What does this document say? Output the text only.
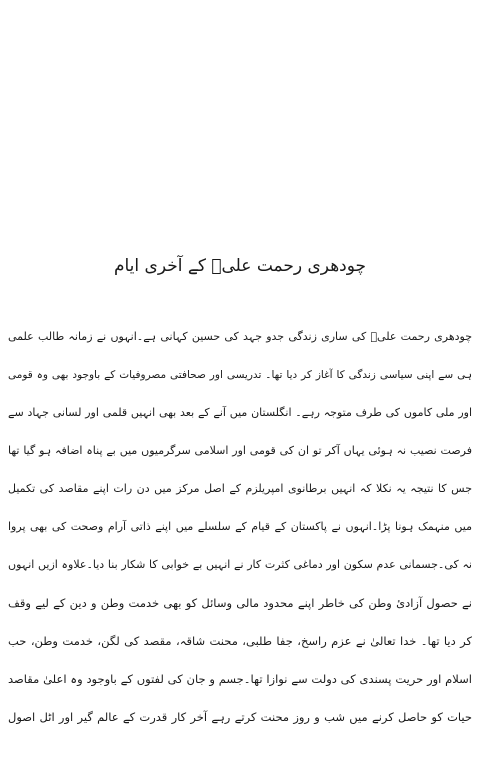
چودھری رحمت علیؒ کے آخری ایام
چودھری رحمت علیؒ کی ساری زندگی جدو جہد کی حسین کہانی ہے۔انہوں نے زمانہ طالب علمی
ہی سے اپنی سیاسی زندگی کا آغاز کر دیا تھا۔ تدریسی اور صحافتی مصروفیات کے باوجود بھی وہ قومی
اور ملی کاموں کی طرف متوجہ رہے۔ انگلستان میں آنے کے بعد بھی انہیں قلمی اور لسانی جہاد سے
فرصت نصیب نہ ہوئی یہاں آکر تو ان کی قومی اور اسلامی سرگرمیوں میں بے پناہ اضافہ ہو گیا تھا
جس کا نتیجہ یہ نکلا کہ انہیں برطانوی امپریلزم کے اصل مرکز میں دن رات اپنے مقاصد کی تکمیل
میں منہمک ہونا پڑا۔انہوں نے پاکستان کے قیام کے سلسلے میں اپنے ذاتی آرام وصحت کی بھی پروا
نہ کی۔جسمانی عدم سکون اور دماغی کثرت کار نے انہیں بے خوابی کا شکار بنا دیا۔علاوہ ازیں انہوں
نے حصول آزادیٔ وطن کی خاطر اپنے محدود مالی وسائل کو بھی خدمت وطن و دین کے لیے وقف
کر دیا تھا۔ خدا تعالیٰ نے عزم راسخ، جفا طلبی، محنت شاقہ، مقصد کی لگن، خدمت وطن، حب
اسلام اور حریت پسندی کی دولت سے نوازا تھا۔جسم و جان کی لفتوں کے باوجود وہ اعلیٰ مقاصد
حیات کو حاصل کرنے میں شب و روز محنت کرتے رہے آخر کار قدرت کے عالم گیر اور اٹل اصول
